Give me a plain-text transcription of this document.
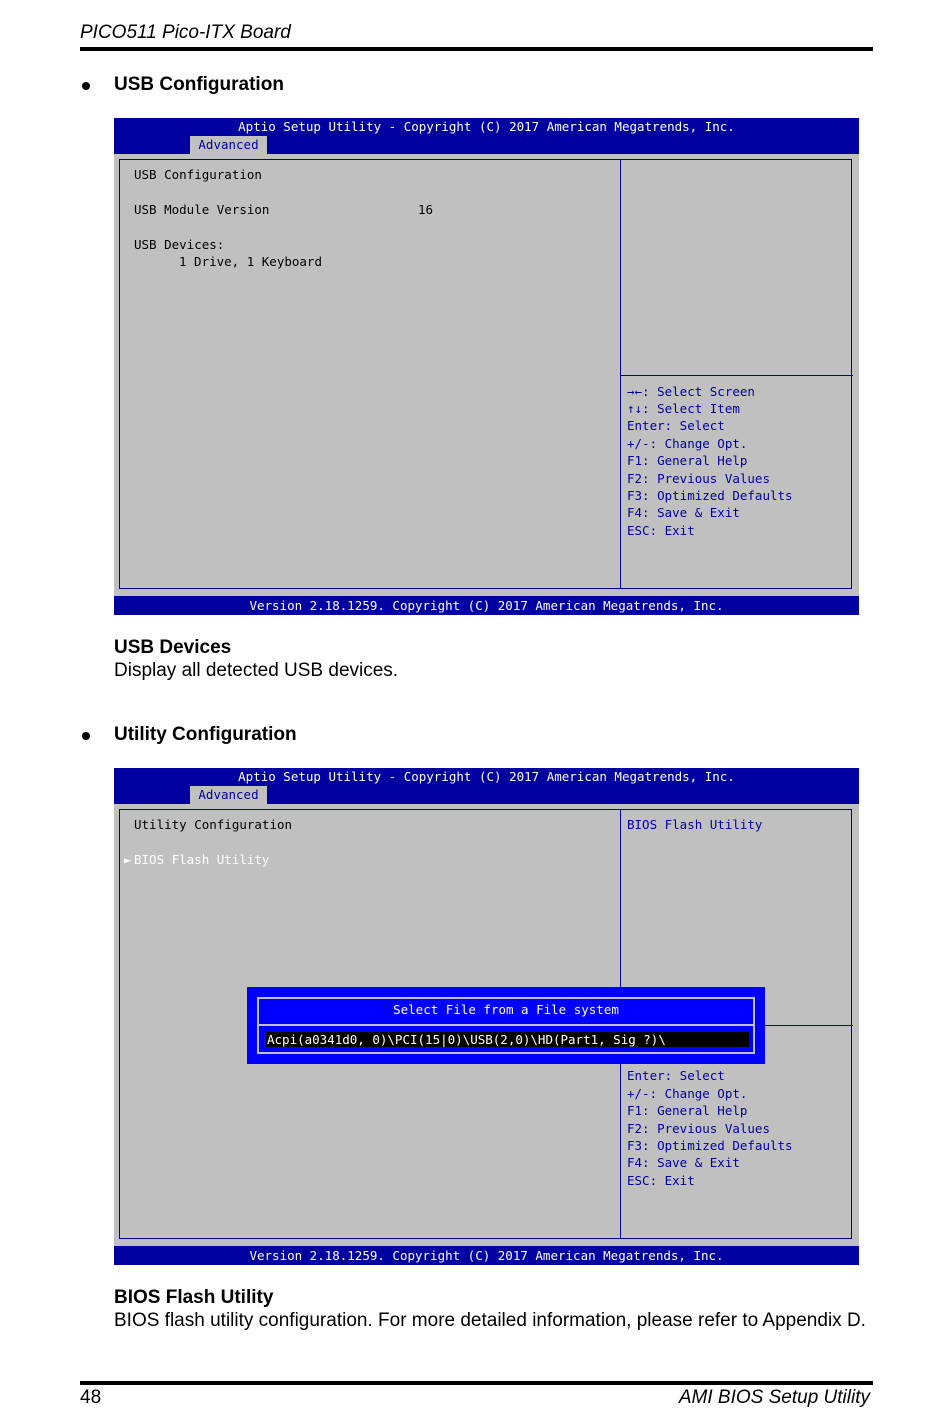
PICO511 Pico-ITX Board
USB Configuration
Aptio Setup Utility - Copyright (C) 2017 American Megatrends, Inc.
Advanced
USB Configuration
USB Module Version	16
USB Devices:
1 Drive, 1 Keyboard
→←: Select Screen
↑↓: Select Item
Enter: Select
+/-: Change Opt.
F1: General Help
F2: Previous Values
F3: Optimized Defaults
F4: Save & Exit
ESC: Exit
Version 2.18.1259. Copyright (C) 2017 American Megatrends, Inc.
USB Devices
Display all detected USB devices.
Utility Configuration
Aptio Setup Utility - Copyright (C) 2017 American Megatrends, Inc.
Advanced
Utility Configuration
► BIOS Flash Utility
BIOS Flash Utility
Enter: Select
+/-: Change Opt.
F1: General Help
F2: Previous Values
F3: Optimized Defaults
F4: Save & Exit
ESC: Exit
Select File from a File system
Acpi(a0341d0, 0)\PCI(15|0)\USB(2,0)\HD(Part1, Sig ?)\
Version 2.18.1259. Copyright (C) 2017 American Megatrends, Inc.
BIOS Flash Utility
BIOS flash utility configuration. For more detailed information, please refer to Appendix D.
48	AMI BIOS Setup Utility
